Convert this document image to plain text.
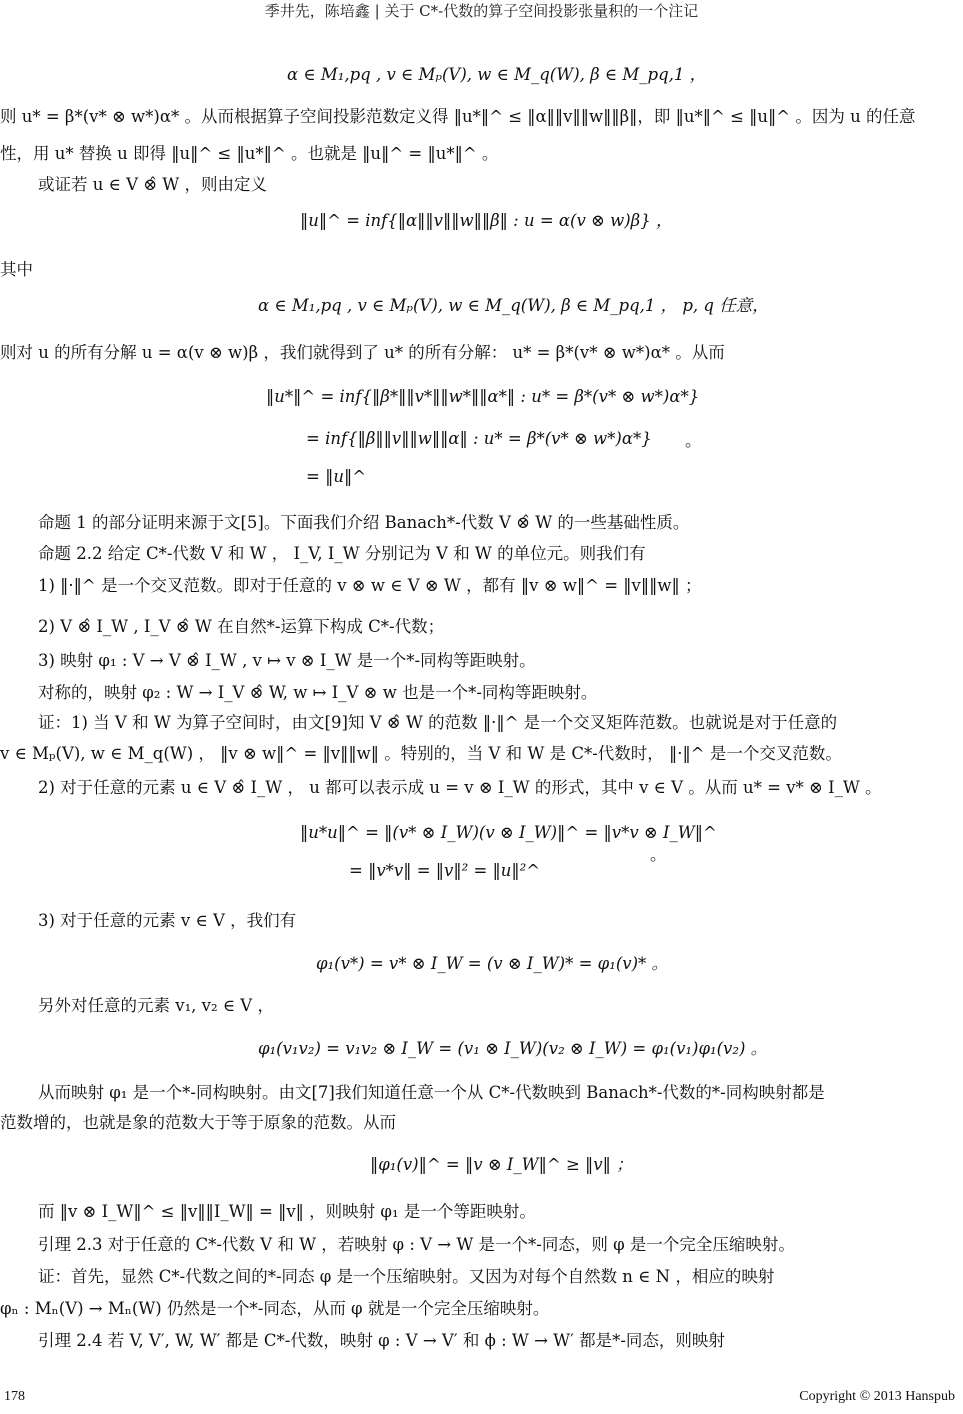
季井先，陈培鑫 | 关于 C*-代数的算子空间投影张量积的一个注记
α ∈ M₁,pq , v ∈ Mₚ(V), w ∈ M_q(W), β ∈ M_pq,1 ，
则 u* = β*(v* ⊗ w*)α* 。从而根据算子空间投影范数定义得 ‖u*‖^ ≤ ‖α‖‖v‖‖w‖‖β‖，即 ‖u*‖^ ≤ ‖u‖^ 。因为 u 的任意
性，用 u* 替换 u 即得 ‖u‖^ ≤ ‖u*‖^ 。也就是 ‖u‖^ = ‖u*‖^ 。
或证若 u ∈ V ⊗̂ W ，则由定义
‖u‖^ = inf{‖α‖‖v‖‖w‖‖β‖ : u = α(v ⊗ w)β} ，
其中
α ∈ M₁,pq , v ∈ Mₚ(V), w ∈ M_q(W), β ∈ M_pq,1 ， p, q 任意，
则对 u 的所有分解 u = α(v ⊗ w)β ，我们就得到了 u* 的所有分解： u* = β*(v* ⊗ w*)α* 。从而
‖u*‖^ = inf{‖β*‖‖v*‖‖w*‖‖α*‖ : u* = β*(v* ⊗ w*)α*}
= inf{‖β‖‖v‖‖w‖‖α‖ : u* = β*(v* ⊗ w*)α*}
= ‖u‖^
。
命题 1 的部分证明来源于文[5]。下面我们介绍 Banach*-代数 V ⊗̂ W 的一些基础性质。
命题 2.2 给定 C*-代数 V 和 W ， I_V, I_W 分别记为 V 和 W 的单位元。则我们有
1) ‖·‖^ 是一个交叉范数。即对于任意的 v ⊗ w ∈ V ⊗ W ，都有 ‖v ⊗ w‖^ = ‖v‖‖w‖ ；
2) V ⊗̂ I_W , I_V ⊗̂ W 在自然*-运算下构成 C*-代数；
3) 映射 φ₁ : V → V ⊗̂ I_W , v ↦ v ⊗ I_W 是一个*-同构等距映射。
对称的，映射 φ₂ : W → I_V ⊗̂ W, w ↦ I_V ⊗ w 也是一个*-同构等距映射。
证：1) 当 V 和 W 为算子空间时，由文[9]知 V ⊗̂ W 的范数 ‖·‖^ 是一个交叉矩阵范数。也就说是对于任意的
v ∈ Mₚ(V), w ∈ M_q(W) ， ‖v ⊗ w‖^ = ‖v‖‖w‖ 。特别的，当 V 和 W 是 C*-代数时， ‖·‖^ 是一个交叉范数。
2) 对于任意的元素 u ∈ V ⊗̂ I_W ， u 都可以表示成 u = v ⊗ I_W 的形式，其中 v ∈ V 。从而 u* = v* ⊗ I_W 。
‖u*u‖^ = ‖(v* ⊗ I_W)(v ⊗ I_W)‖^ = ‖v*v ⊗ I_W‖^
= ‖v*v‖ = ‖v‖² = ‖u‖²^
。
3) 对于任意的元素 v ∈ V ，我们有
φ₁(v*) = v* ⊗ I_W = (v ⊗ I_W)* = φ₁(v)* 。
另外对任意的元素 v₁, v₂ ∈ V ，
φ₁(v₁v₂) = v₁v₂ ⊗ I_W = (v₁ ⊗ I_W)(v₂ ⊗ I_W) = φ₁(v₁)φ₁(v₂) 。
从而映射 φ₁ 是一个*-同构映射。由文[7]我们知道任意一个从 C*-代数映到 Banach*-代数的*-同构映射都是
范数增的，也就是象的范数大于等于原象的范数。从而
‖φ₁(v)‖^ = ‖v ⊗ I_W‖^ ≥ ‖v‖ ；
而 ‖v ⊗ I_W‖^ ≤ ‖v‖‖I_W‖ = ‖v‖ ，则映射 φ₁ 是一个等距映射。
引理 2.3 对于任意的 C*-代数 V 和 W ，若映射 φ : V → W 是一个*-同态，则 φ 是一个完全压缩映射。
证：首先，显然 C*-代数之间的*-同态 φ 是一个压缩映射。又因为对每个自然数 n ∈ N ，相应的映射
φₙ : Mₙ(V) → Mₙ(W) 仍然是一个*-同态，从而 φ 就是一个完全压缩映射。
引理 2.4 若 V, V′, W, W′ 都是 C*-代数，映射 φ : V → V′ 和 ϕ : W → W′ 都是*-同态，则映射
178	Copyright © 2013 Hanspub
